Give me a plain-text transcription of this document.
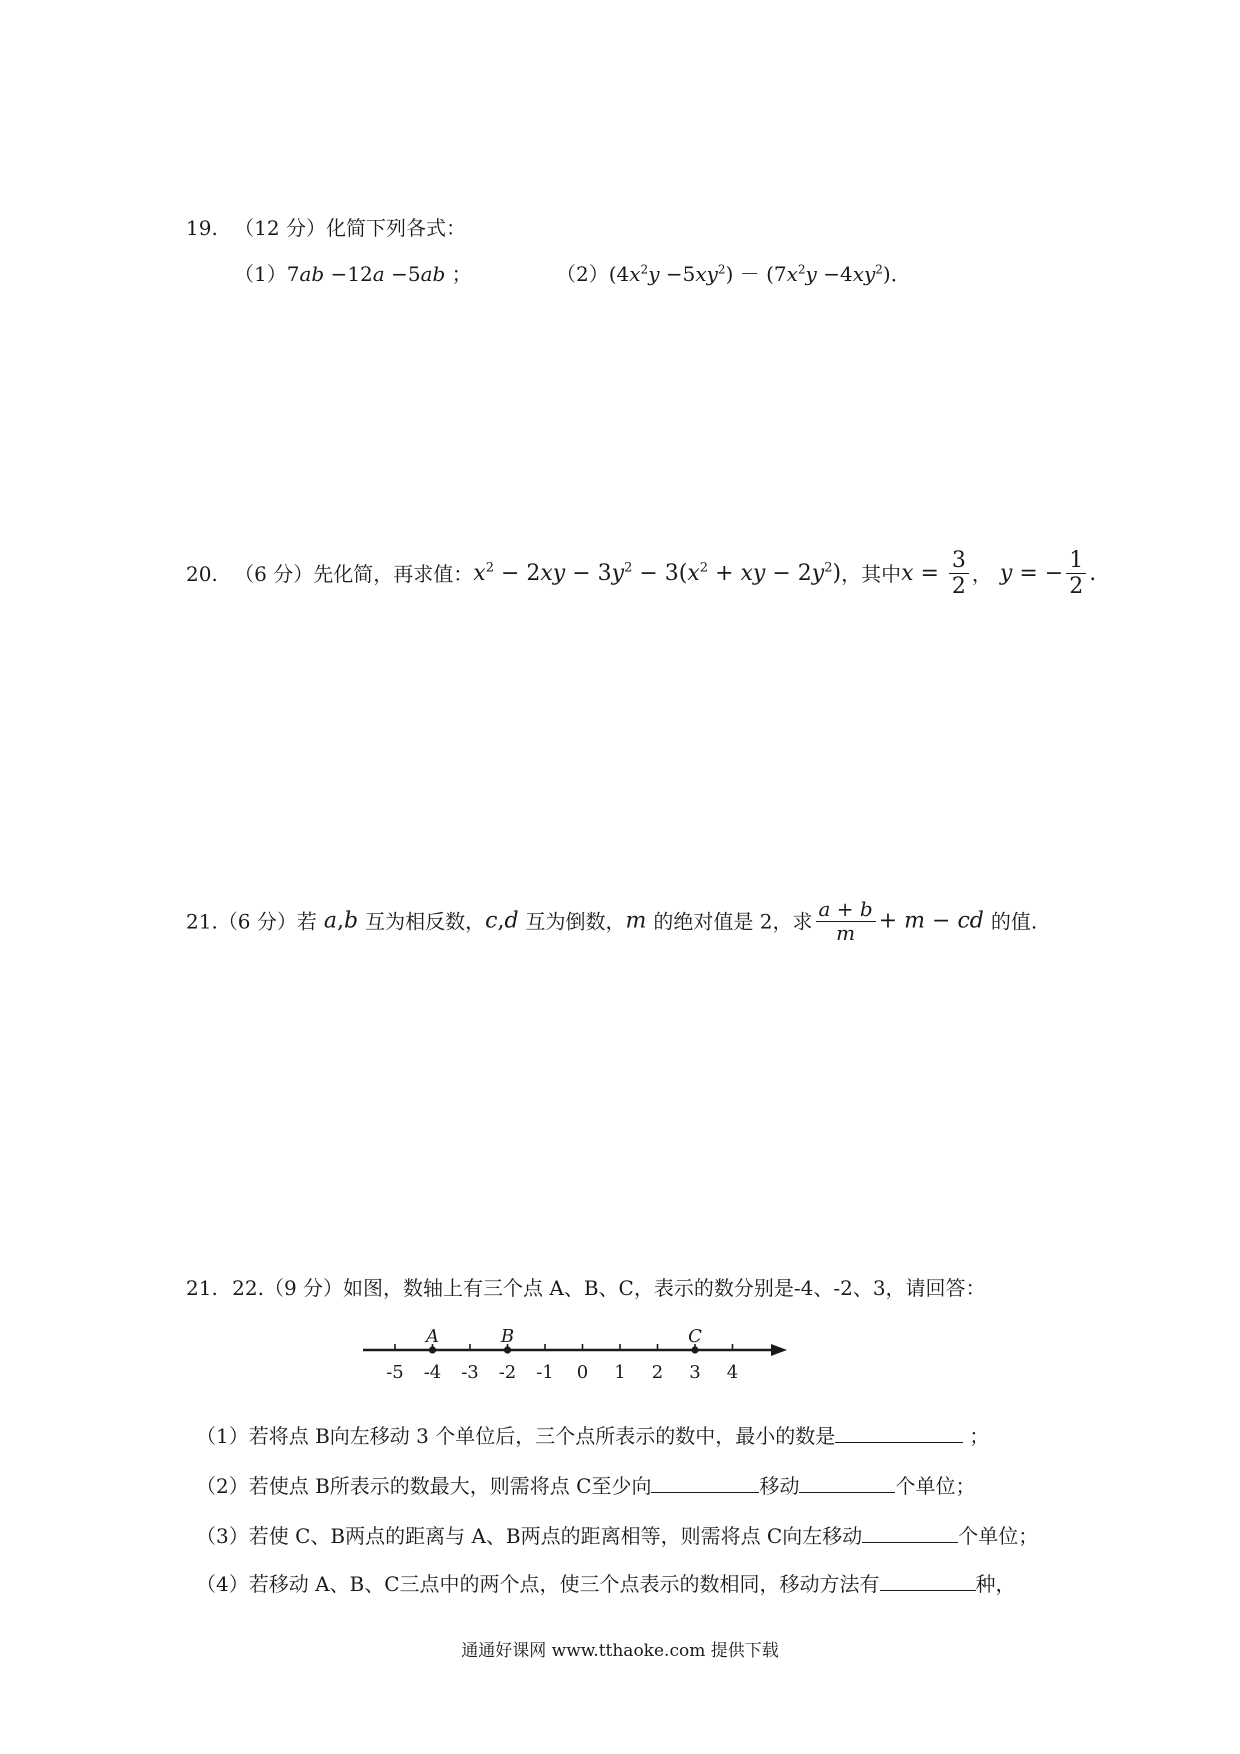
19. （12 分）化简下列各式：
（1）7ab −12a −5ab ；	$(2)(4x^2y -5xy^2) - (7x^2y -4xy^2)$．
20. （6 分）先化简，再求值：$x^2 - 2xy - 3y^2 - 3(x^2$ + xy − $2y^2$)，其中$x = \frac{3}{2}$ ， y = − $\frac{1}{2}$ .
21.（6 分）若 a,b 互为相反数，c,d 互为倒数，m 的绝对值是 2，求 $\frac{a + b}{m} + m$ − cd 的值.
21. 22.（9 分）如图，数轴上有三个点 A、B、C，表示的数分别是-4、-2、3，请回答：
-5 -4 -3 -2 -1 0 1 2 3 4
A	B	C
（1）若将点 B向左移动 3 个单位后，三个点所表示的数中，最小的数是	；
（2）若使点 B所表示的数最大，则需将点 C至少向	移动	个单位；
（3）若使 C、B两点的距离与 A、B两点的距离相等，则需将点 C向左移动	个单位；
（4）若移动 A、B、C三点中的两个点，使三个点表示的数相同，移动方法有	种，
通通好课网 www.tthaoke.com 提供下载
